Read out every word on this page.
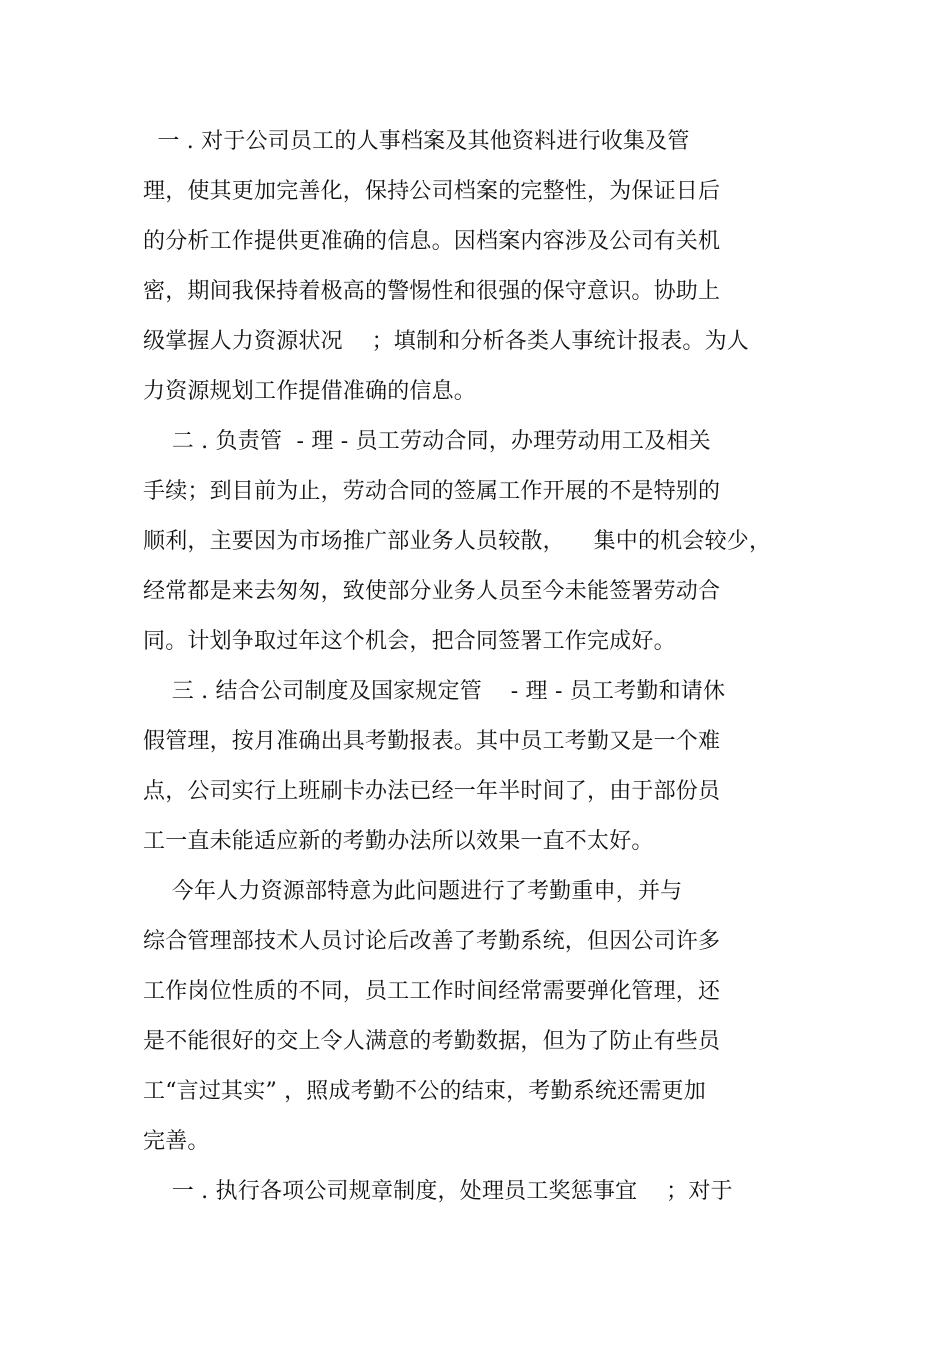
一 . 对于公司员工的人事档案及其他资料进行收集及管
理，使其更加完善化，保持公司档案的完整性，为保证日后
的分析工作提供更准确的信息。因档案内容涉及公司有关机
密，期间我保持着极高的警惕性和很强的保守意识。协助上
级掌握人力资源状况    ；填制和分析各类人事统计报表。为人
力资源规划工作提借准确的信息。
二 . 负责管  - 理 - 员工劳动合同，办理劳动用工及相关
手续；到目前为止，劳动合同的签属工作开展的不是特别的
顺利，主要因为市场推广部业务人员较散，    集中的机会较少，
经常都是来去匆匆，致使部分业务人员至今未能签署劳动合
同。计划争取过年这个机会，把合同签署工作完成好。
三 . 结合公司制度及国家规定管    - 理 - 员工考勤和请休
假管理，按月准确出具考勤报表。其中员工考勤又是一个难
点，公司实行上班刷卡办法已经一年半时间了，由于部份员
工一直未能适应新的考勤办法所以效果一直不太好。
今年人力资源部特意为此问题进行了考勤重申，并与
综合管理部技术人员讨论后改善了考勤系统，但因公司许多
工作岗位性质的不同，员工工作时间经常需要弹化管理，还
是不能很好的交上令人满意的考勤数据，但为了防止有些员
工“言过其实” ，照成考勤不公的结束，考勤系统还需更加
完善。
一 . 执行各项公司规章制度，处理员工奖惩事宜    ；对于
